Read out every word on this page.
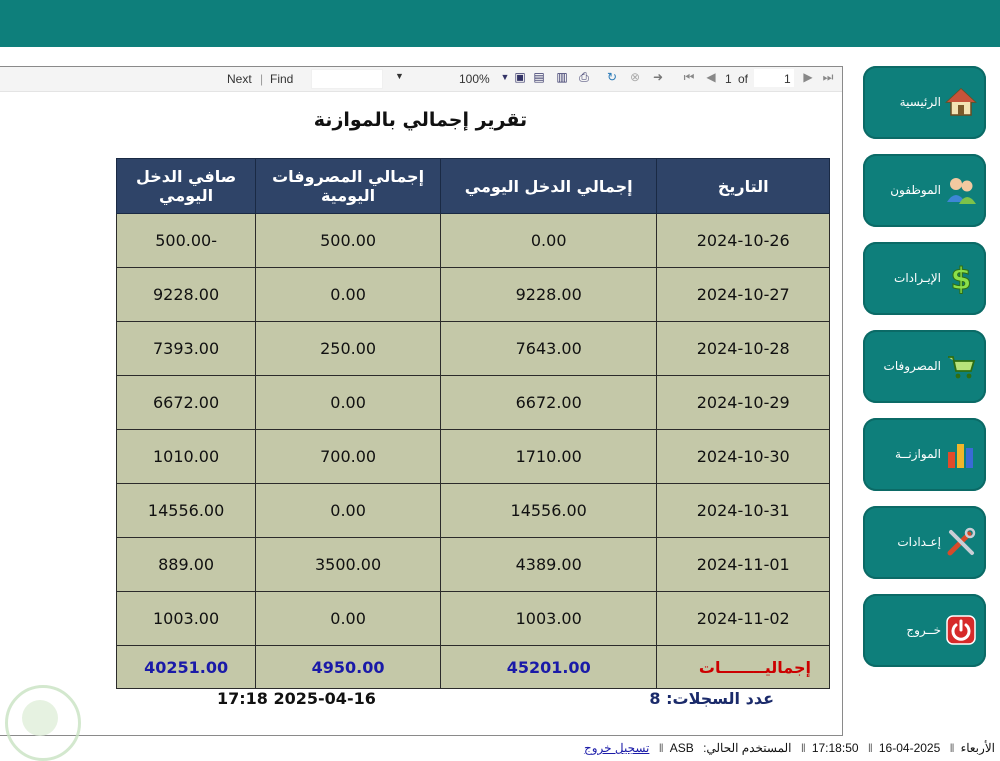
Next | Find	▼	100% ▼ ▣ ▤ ▥ ⎙ ↻ ⊗ ➜ ⏮ ◀ 1 of	1 ▶ ⏭
تقرير إجمالي بالموازنة
التاريخ	إجمالي الدخل اليومي	إجمالي المصروفات اليومية	صافي الدخل اليومي
2024-10-26	0.00	500.00	-500.00
2024-10-27	9228.00	0.00	9228.00
2024-10-28	7643.00	250.00	7393.00
2024-10-29	6672.00	0.00	6672.00
2024-10-30	1710.00	700.00	1010.00
2024-10-31	14556.00	0.00	14556.00
2024-11-01	4389.00	3500.00	889.00
2024-11-02	1003.00	0.00	1003.00
إجماليــــــــات	45201.00	4950.00	40251.00
عدد السجلات: 8
17:18 2025-04-16
الرئيسية
الموظفون
الإيـرادات $
المصروفات
الموازنــة
إعـدادات
خــروج
الأربعاء‖ 2025-04-16‖ 17:18:50‖ المستخدم الحالي: ASB‖ تسجيل خروج
